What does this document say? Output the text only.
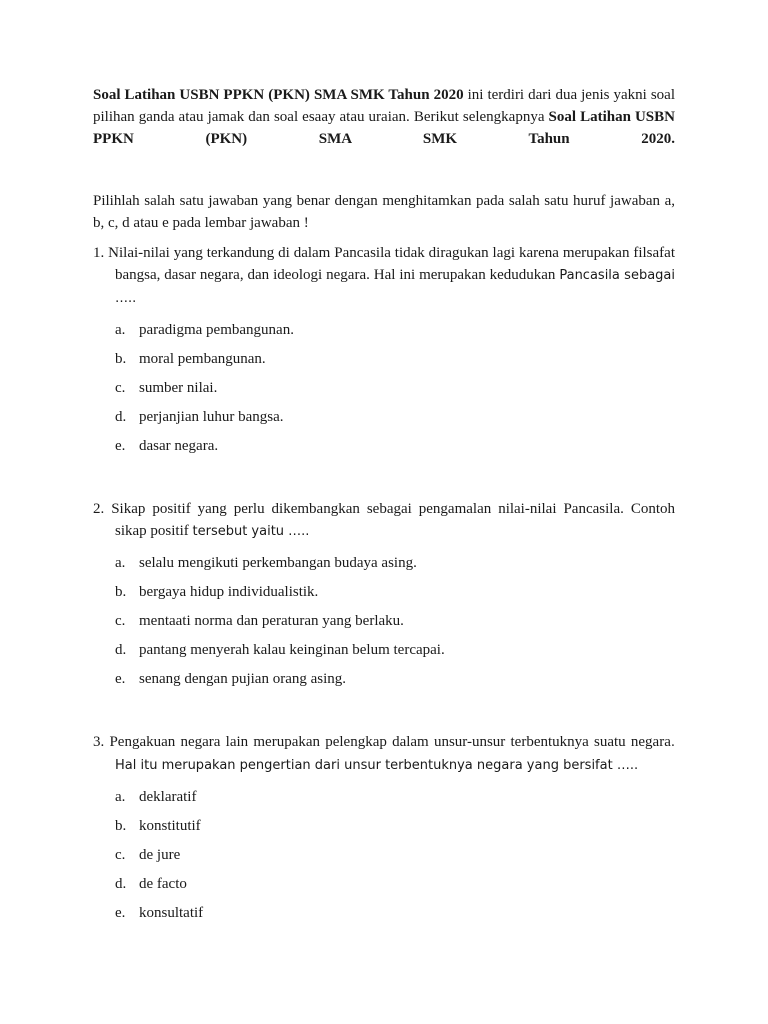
Soal Latihan USBN PPKN (PKN) SMA SMK Tahun 2020 ini terdiri dari dua jenis yakni soal pilihan ganda atau jamak dan soal esaay atau uraian. Berikut selengkapnya Soal Latihan USBN PPKN (PKN) SMA SMK Tahun 2020.

Pilihlah salah satu jawaban yang benar dengan menghitamkan pada salah satu huruf jawaban a, b, c, d atau e pada lembar jawaban !

1. Nilai-nilai yang terkandung di dalam Pancasila tidak diragukan lagi karena merupakan filsafat bangsa, dasar negara, dan ideologi negara. Hal ini merupakan kedudukan Pancasila sebagai …..

a. paradigma pembangunan.
b. moral pembangunan.
c. sumber nilai.
d. perjanjian luhur bangsa.
e. dasar negara.

2. Sikap positif yang perlu dikembangkan sebagai pengamalan nilai-nilai Pancasila. Contoh sikap positif tersebut yaitu …..

a. selalu mengikuti perkembangan budaya asing.
b. bergaya hidup individualistik.
c. mentaati norma dan peraturan yang berlaku.
d. pantang menyerah kalau keinginan belum tercapai.
e. senang dengan pujian orang asing.

3. Pengakuan negara lain merupakan pelengkap dalam unsur-unsur terbentuknya suatu negara. Hal itu merupakan pengertian dari unsur terbentuknya negara yang bersifat …..

a. deklaratif
b. konstitutif
c. de jure
d. de facto
e. konsultatif
